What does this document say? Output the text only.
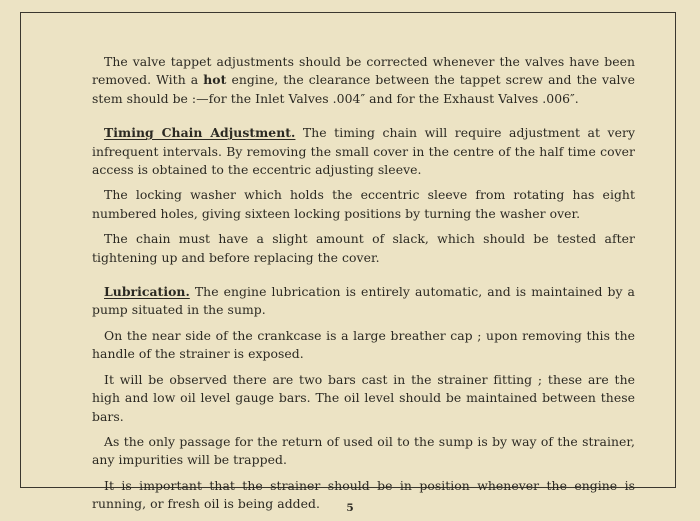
The valve tappet adjustments should be corrected whenever the valves have been removed. With a hot engine, the clearance between the tappet screw and the valve stem should be :—for the Inlet Valves .004″ and for the Exhaust Valves .006″.

Timing Chain Adjustment. The timing chain will require adjustment at very infrequent intervals. By removing the small cover in the centre of the half time cover access is obtained to the eccentric adjusting sleeve.

The locking washer which holds the eccentric sleeve from rotating has eight numbered holes, giving sixteen locking positions by turning the washer over.

The chain must have a slight amount of slack, which should be tested after tightening up and before replacing the cover.

Lubrication. The engine lubrication is entirely automatic, and is maintained by a pump situated in the sump.

On the near side of the crankcase is a large breather cap ; upon removing this the handle of the strainer is exposed.

It will be observed there are two bars cast in the strainer fitting ; these are the high and low oil level gauge bars. The oil level should be maintained between these bars.

As the only passage for the return of used oil to the sump is by way of the strainer, any impurities will be trapped.

It is important that the strainer should be in position whenever the engine is running, or fresh oil is being added.	5
